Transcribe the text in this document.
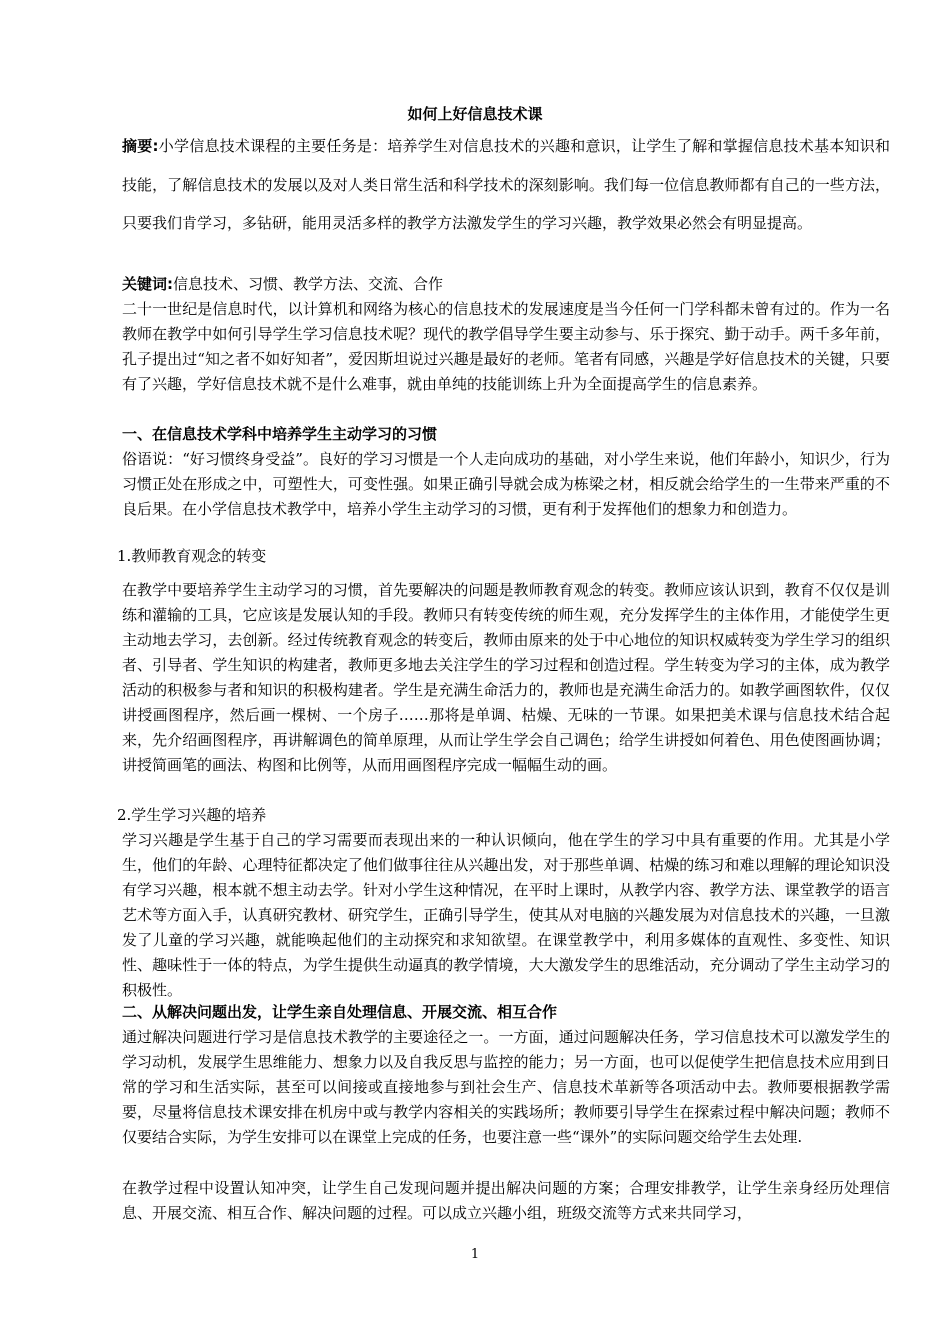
如何上好信息技术课
摘要:小学信息技术课程的主要任务是：培养学生对信息技术的兴趣和意识，让学生了解和掌握信息技术基本知识和技能，了解信息技术的发展以及对人类日常生活和科学技术的深刻影响。我们每一位信息教师都有自己的一些方法，只要我们肯学习，多钻研，能用灵活多样的教学方法激发学生的学习兴趣，教学效果必然会有明显提高。
关键词:信息技术、习惯、教学方法、交流、合作
二十一世纪是信息时代，以计算机和网络为核心的信息技术的发展速度是当今任何一门学科都未曾有过的。作为一名教师在教学中如何引导学生学习信息技术呢？现代的教学倡导学生要主动参与、乐于探究、勤于动手。两千多年前，孔子提出过“知之者不如好知者”，爱因斯坦说过兴趣是最好的老师。笔者有同感，兴趣是学好信息技术的关键，只要有了兴趣，学好信息技术就不是什么难事，就由单纯的技能训练上升为全面提高学生的信息素养。
一、在信息技术学科中培养学生主动学习的习惯
俗语说：“好习惯终身受益”。良好的学习习惯是一个人走向成功的基础，对小学生来说，他们年龄小，知识少，行为习惯正处在形成之中，可塑性大，可变性强。如果正确引导就会成为栋梁之材，相反就会给学生的一生带来严重的不良后果。在小学信息技术教学中，培养小学生主动学习的习惯，更有利于发挥他们的想象力和创造力。
1.教师教育观念的转变
在教学中要培养学生主动学习的习惯，首先要解决的问题是教师教育观念的转变。教师应该认识到，教育不仅仅是训练和灌输的工具，它应该是发展认知的手段。教师只有转变传统的师生观，充分发挥学生的主体作用，才能使学生更主动地去学习，去创新。经过传统教育观念的转变后，教师由原来的处于中心地位的知识权威转变为学生学习的组织者、引导者、学生知识的构建者，教师更多地去关注学生的学习过程和创造过程。学生转变为学习的主体，成为教学活动的积极参与者和知识的积极构建者。学生是充满生命活力的，教师也是充满生命活力的。如教学画图软件，仅仅讲授画图程序，然后画一棵树、一个房子……那将是单调、枯燥、无味的一节课。如果把美术课与信息技术结合起来，先介绍画图程序，再讲解调色的简单原理，从而让学生学会自己调色；给学生讲授如何着色、用色使图画协调；讲授简画笔的画法、构图和比例等，从而用画图程序完成一幅幅生动的画。
2.学生学习兴趣的培养
学习兴趣是学生基于自己的学习需要而表现出来的一种认识倾向，他在学生的学习中具有重要的作用。尤其是小学生，他们的年龄、心理特征都决定了他们做事往往从兴趣出发，对于那些单调、枯燥的练习和难以理解的理论知识没有学习兴趣，根本就不想主动去学。针对小学生这种情况，在平时上课时，从教学内容、教学方法、课堂教学的语言艺术等方面入手，认真研究教材、研究学生，正确引导学生，使其从对电脑的兴趣发展为对信息技术的兴趣，一旦激发了儿童的学习兴趣，就能唤起他们的主动探究和求知欲望。在课堂教学中，利用多媒体的直观性、多变性、知识性、趣味性于一体的特点，为学生提供生动逼真的教学情境，大大激发学生的思维活动，充分调动了学生主动学习的积极性。
二、从解决问题出发，让学生亲自处理信息、开展交流、相互合作
通过解决问题进行学习是信息技术教学的主要途径之一。一方面，通过问题解决任务，学习信息技术可以激发学生的学习动机，发展学生思维能力、想象力以及自我反思与监控的能力；另一方面，也可以促使学生把信息技术应用到日常的学习和生活实际，甚至可以间接或直接地参与到社会生产、信息技术革新等各项活动中去。教师要根据教学需要，尽量将信息技术课安排在机房中或与教学内容相关的实践场所；教师要引导学生在探索过程中解决问题；教师不仅要结合实际，为学生安排可以在课堂上完成的任务，也要注意一些“课外”的实际问题交给学生去处理.
在教学过程中设置认知冲突，让学生自己发现问题并提出解决问题的方案；合理安排教学，让学生亲身经历处理信息、开展交流、相互合作、解决问题的过程。可以成立兴趣小组，班级交流等方式来共同学习，
1
